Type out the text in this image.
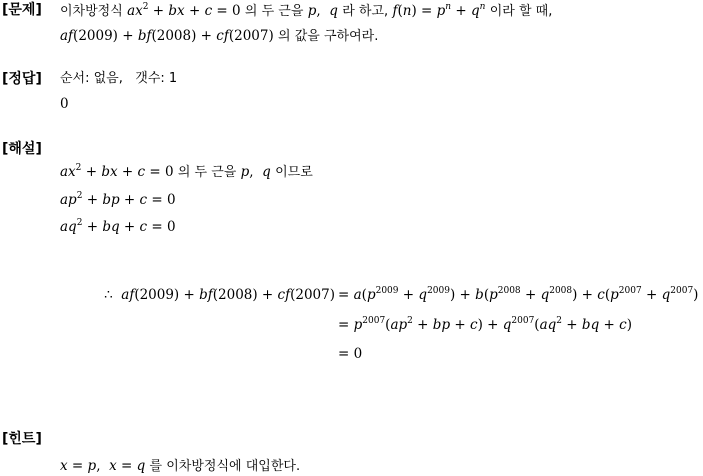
[문제] 이차방정식 $ax^2$ + bx + c = 0 의 두 근을 p,  q 라 하고, $f(n) = p^n + q^n$ 이라 할 때,
af(2009) + bf(2008) + cf(2007) 의 값을 구하여라.
[정답] 순서: 없음,   갯수: 1
0
[해설]
$ax^2$ + bx + c = 0 의 두 근을 p,  q 이므로
$ap^2$ + bp + c = 0
$aq^2$ + bq + c = 0
∴  $af(2009) + bf(2008) + cf(2007) = a(p^{2009} + q^{2009}) + b(p^{2008} + q^{2008}) + c(p^{2007} + q^{2007})$
= $p^{2007}(ap^2$ + bp + $c) + q^{2007}(aq^2$ + bq + c)
= 0
[힌트]
x = p,  x = q 를 이차방정식에 대입한다.
